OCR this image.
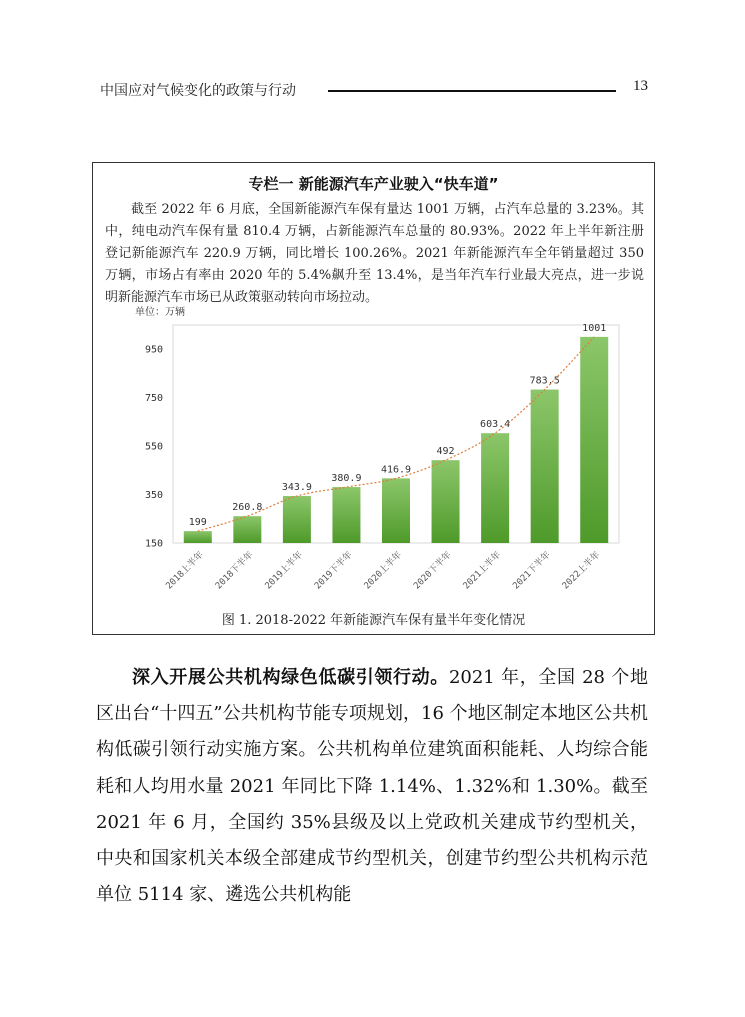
中国应对气候变化的政策与行动	13
专栏一 新能源汽车产业驶入“快车道”
截至 2022 年 6 月底，全国新能源汽车保有量达 1001 万辆，占汽车总量的 3.23%。其中，纯电动汽车保有量 810.4 万辆，占新能源汽车总量的 80.93%。2022 年上半年新注册登记新能源汽车 220.9 万辆，同比增长 100.26%。2021 年新能源汽车全年销量超过 350 万辆，市场占有率由 2020 年的 5.4%飙升至 13.4%，是当年汽车行业最大亮点，进一步说明新能源汽车市场已从政策驱动转向市场拉动。
单位：万辆
150
350
550
750
950
199
260.8
343.9
380.9
416.9
492
603.4
783.5
1001
2018上半年 2018下半年 2019上半年 2019下半年 2020上半年 2020下半年 2021上半年 2021下半年 2022上半年
图 1. 2018-2022 年新能源汽车保有量半年变化情况

深入开展公共机构绿色低碳引领行动。2021 年，全国 28 个地区出台“十四五”公共机构节能专项规划，16 个地区制定本地区公共机构低碳引领行动实施方案。公共机构单位建筑面积能耗、人均综合能耗和人均用水量 2021 年同比下降 1.14%、1.32%和 1.30%。截至 2021 年 6 月，全国约 35%县级及以上党政机关建成节约型机关，中央和国家机关本级全部建成节约型机关，创建节约型公共机构示范单位 5114 家、遴选公共机构能
